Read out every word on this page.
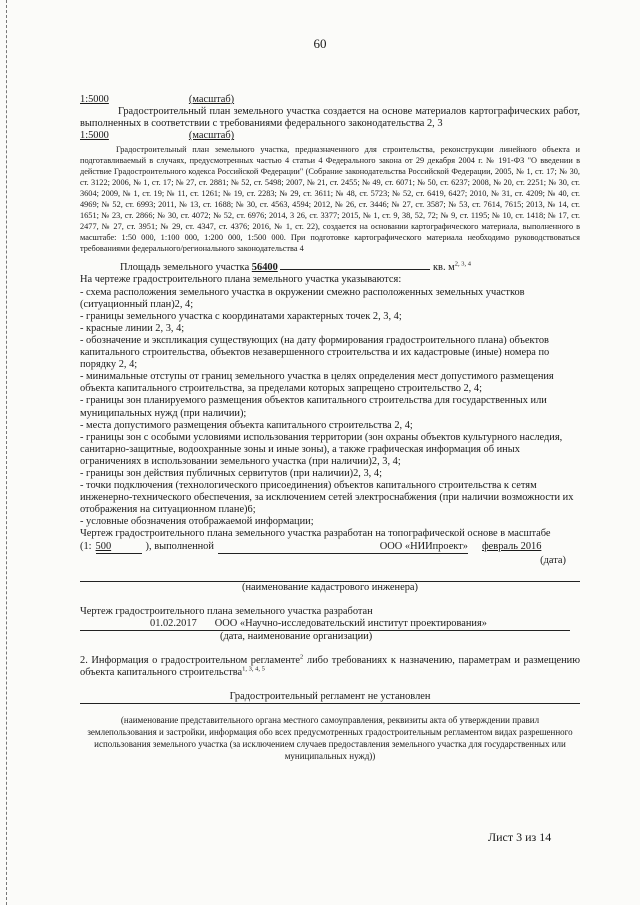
60
1:5000	(масштаб)
Градостроительный план земельного участка создается на основе материалов картографических работ, выполненных в соответствии с требованиями федерального законодательства 2, 3
1:5000	(масштаб)
Градостроительный план земельного участка, предназначенного для строительства, реконструкции линейного объекта и подготавливаемый в случаях, предусмотренных частью 4 статьи 4 Федерального закона от 29 декабря 2004 г. № 191-ФЗ "О введении в действие Градостроительного кодекса Российской Федерации" (Собрание законодательства Российской Федерации, 2005, № 1, ст. 17; № 30, ст. 3122; 2006, № 1, ст. 17; № 27, ст. 2881; № 52, ст. 5498; 2007, № 21, ст. 2455; № 49, ст. 6071; № 50, ст. 6237; 2008, № 20, ст. 2251; № 30, ст. 3604; 2009, № 1, ст. 19; № 11, ст. 1261; № 19, ст. 2283; № 29, ст. 3611; № 48, ст. 5723; № 52, ст. 6419, 6427; 2010, № 31, ст. 4209; № 40, ст. 4969; № 52, ст. 6993; 2011, № 13, ст. 1688; № 30, ст. 4563, 4594; 2012, № 26, ст. 3446; № 27, ст. 3587; № 53, ст. 7614, 7615; 2013, № 14, ст. 1651; № 23, ст. 2866; № 30, ст. 4072; № 52, ст. 6976; 2014, 3 26, ст. 3377; 2015, № 1, ст. 9, 38, 52, 72; № 9, ст. 1195; № 10, ст. 1418; № 17, ст. 2477, № 27, ст. 3951; № 29, ст. 4347, ст. 4376; 2016, № 1, ст. 22), создается на основании картографического материала, выполненного в масштабе: 1:50 000, 1:100 000, 1:200 000, 1:500 000. При подготовке картографического материала необходимо руководствоваться требованиями федерального/регионального законодательства 4
Площадь земельного участка 56400	кв. $м^{2, 3, 4}$

На чертеже градостроительного плана земельного участка указываются:

- схема расположения земельного участка в окружении смежно расположенных земельных участков (ситуационный план)2, 4;

- границы земельного участка с координатами характерных точек 2, 3, 4;

- красные линии 2, 3, 4;

- обозначение и экспликация существующих (на дату формирования градостроительного плана) объектов капитального строительства, объектов незавершенного строительства и их кадастровые (иные) номера по порядку 2, 4;

- минимальные отступы от границ земельного участка в целях определения мест допустимого размещения объекта капитального строительства, за пределами которых запрещено строительство 2, 4;

- границы зон планируемого размещения объектов капитального строительства для государственных или муниципальных нужд (при наличии);

- места допустимого размещения объекта капитального строительства 2, 4;

- границы зон с особыми условиями использования территории (зон охраны объектов культурного наследия, санитарно-защитные, водоохранные зоны и иные зоны), а также графическая информация об иных ограничениях в использовании земельного участка (при наличии)2, 3, 4;

- границы зон действия публичных сервитутов (при наличии)2, 3, 4;

- точки подключения (технологического присоединения) объектов капитального строительства к сетям инженерно-технического обеспечения, за исключением сетей электроснабжения (при наличии возможности их отображения на ситуационном плане)6;

- условные обозначения отображаемой информации;

Чертеж градостроительного плана земельного участка разработан на топографической основе в масштабе
(1: 500	), выполненной	ООО «НИИпроект» февраль 2016
(дата)
(наименование кадастрового инженера)
Чертеж градостроительного плана земельного участка разработан
01.02.2017 ООО «Научно-исследовательский институт проектирования»
(дата, наименование организации)
2. Информация о градостроительном регламенте$^2$ либо требованиях к назначению, параметрам и размещению объекта капитального строительства$^{1, 3, 4, 5}$
Градостроительный регламент не установлен
(наименование представительного органа местного самоуправления, реквизиты акта об утверждении правил землепользования и застройки, информация обо всех предусмотренных градостроительным регламентом видах разрешенного использования земельного участка (за исключением случаев предоставления земельного участка для государственных или муниципальных нужд))
Лист 3 из 14
